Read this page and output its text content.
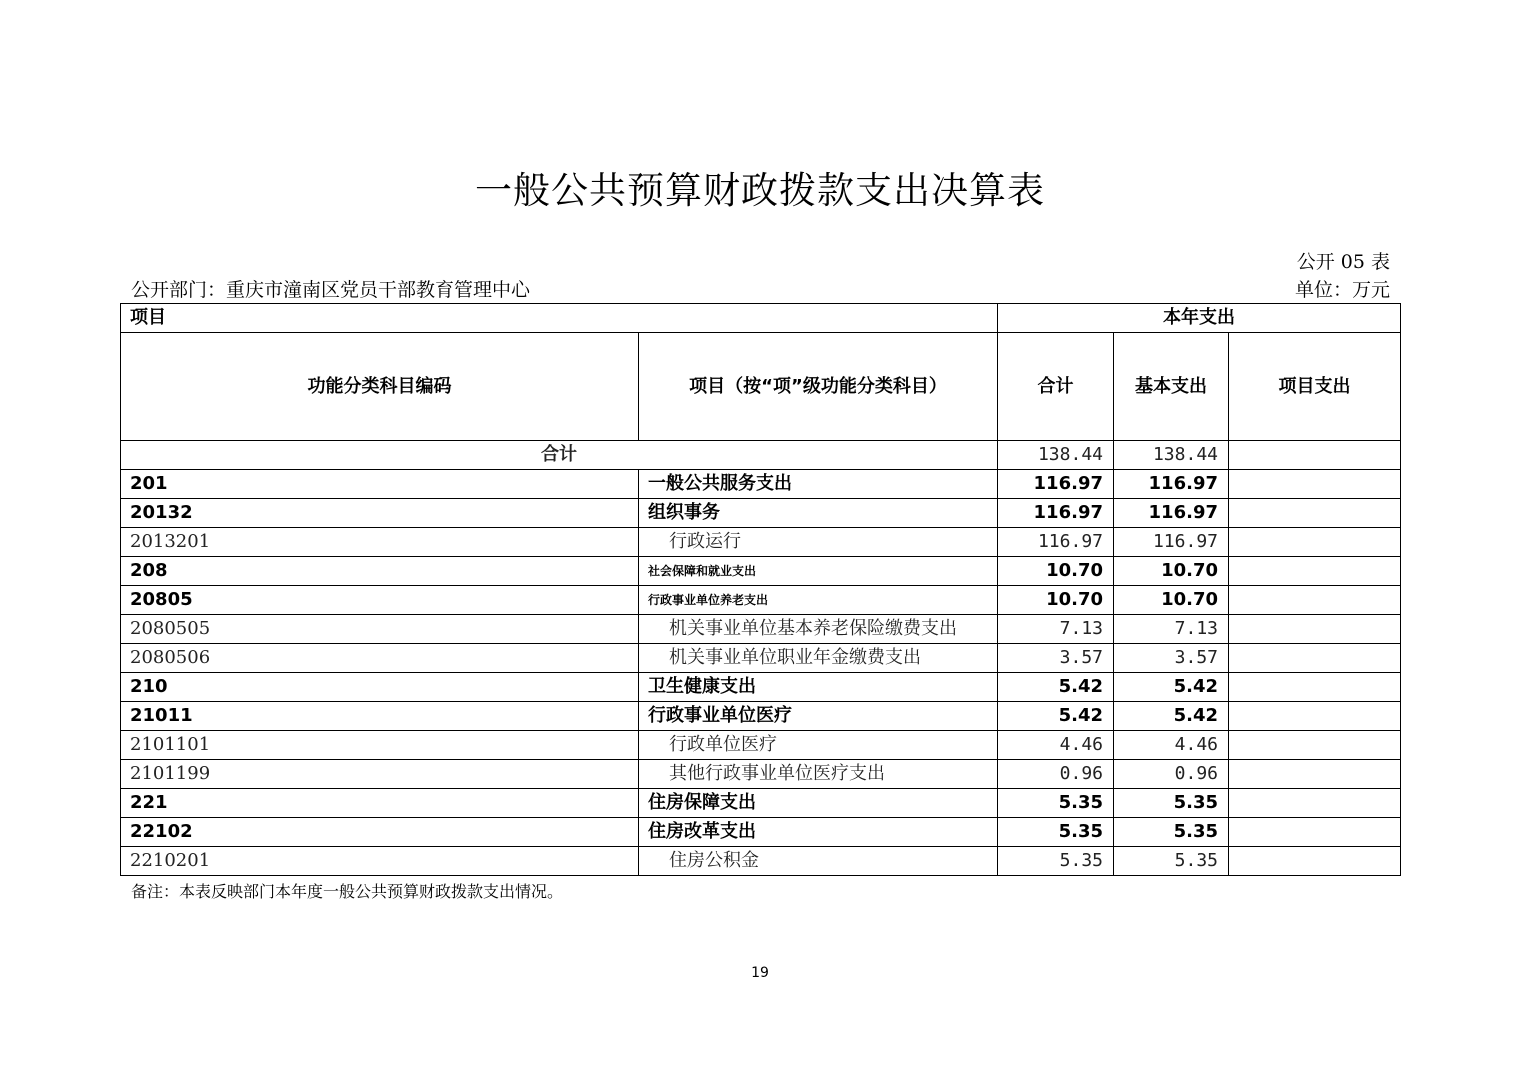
一般公共预算财政拨款支出决算表
公开 05 表
公开部门：重庆市潼南区党员干部教育管理中心	单位：万元
项目		本年支出		
功能分类科目编码	项目（按“项”级功能分类科目）	合计	基本支出	项目支出
合计		138.44	138.44	
201	一般公共服务支出	116.97	116.97	
20132	组织事务	116.97	116.97	
2013201	行政运行	116.97	116.97	
208	社会保障和就业支出	10.70	10.70	
20805	行政事业单位养老支出	10.70	10.70	
2080505	机关事业单位基本养老保险缴费支出	7.13	7.13	
2080506	机关事业单位职业年金缴费支出	3.57	3.57	
210	卫生健康支出	5.42	5.42	
21011	行政事业单位医疗	5.42	5.42	
2101101	行政单位医疗	4.46	4.46	
2101199	其他行政事业单位医疗支出	0.96	0.96	
221	住房保障支出	5.35	5.35	
22102	住房改革支出	5.35	5.35	
2210201	住房公积金	5.35	5.35	
备注：本表反映部门本年度一般公共预算财政拨款支出情况。
19
